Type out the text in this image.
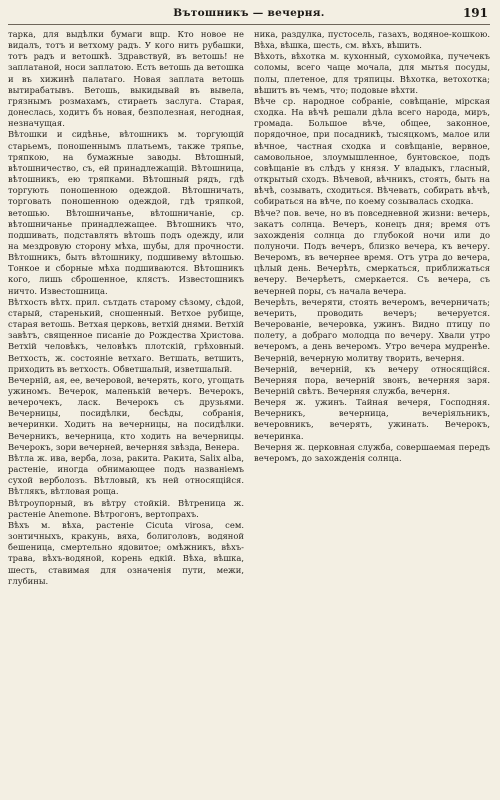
Вътошникъ — вечерня.	191

тарка, для выдѣлки бумаги вщр. Кто новое не видалъ, тотъ и ветхому радъ. У кого нить рубашки, тотъ радъ и ветошкѣ. Здравствуй, въ ветошь! не заплатаной, носи заплатою. Есть ветошь да ветошка и въ хижинѣ палатаго. Новая заплата ветошь вытирабатывъ. Ветошь, выкидывай въ вывела, грязнымъ розмахамъ, стираеть заслуга. Старая, донеслась, ходитъ бъ новая, безполезная, негодная, незначущая.

Вѣтошки и сидѣнье, вѣтошникъ м. торгующій старьемъ, поношеннымъ платьемъ, также тряпье, тряпкою, на бумажные заводы. Вѣтошный, вѣтошничество, съ, ей принадлежащій. Вѣтошница, вѣтошникъ, ею тряпками. Вѣтошный рядъ, гдѣ торгують поношенною одеждой. Вѣтошничать, торговать поношенною одеждой, гдѣ тряпкой, ветошью. Вѣтошничанье, вѣтошничаніе, ср. вѣтошничанье принадлежащее. Вѣтошникъ что, подшивать, подставлять вѣтошь подъ одежду, или на мездровую сторону мѣха, шубы, для прочности. Вѣтошникъ, быть вѣтошнику, подшивему вѣтошью. Тонкое и сборные мѣха подшиваются. Вѣтошникъ кого, лишь сброшенное, клястъ. Известошникъ ничто. Известошница.

Вѣтхость вѣтх. прил. сътдать старому сѣзому, сѣдой, старый, старенький, сношенный. Ветхое рубище, старая ветошь. Ветхая церковь, ветхій днями. Ветхій завѣтъ, священное писаніе до Рождества Христова. Ветхій человѣкъ, человѣкъ плотскій, грѣховный. Ветхость, ж. состояніе ветхаго. Ветшать, ветшить, приходить въ ветхость. Обветшалый, изветшалый.

Вечерній, ая, ее, вечеровой, вечерять, кого, угощать ужиномъ. Вечерок, маленькій вечеръ. Вечерокъ, вечерочекъ, ласк. Вечерокъ съ друзьями. Вечерницы, посидѣлки, бесѣды, собранія, вечеринки. Ходить на вечерницы, на посидѣлки. Вечерникъ, вечерница, кто ходить на вечерницы. Вечерокъ, зори вечерней, вечерняя звѣзда, Венера.

Вѣтла ж. ива, верба, лоза, ракита. Ракита, Salix alba, растеніе, иногда обнимающее подъ названіемъ сухой верболозъ. Вѣтловый, къ ней относящійся. Вѣтлякъ, вѣтловая роща.

Вѣтроупорный, въ вѣтру стойкій. Вѣтреница ж. растеніе Anemone. Вѣтрогонъ, вертопрахъ.

Вѣхъ м. вѣха, растеніе Cicuta virosa, сем. зонтичныхъ, кракунь, вяха, болиголовъ, водяной бешеница, смертельно ядовитое; омѣжникъ, вѣхъ-трава, вѣхъ-водяной, корень едкій. Вѣха, вѣшка, шесть, ставимая для означенія пути, межи, глубины.

ника, раздулка, пустосель, газахъ, водяное-кошкою. Вѣха, вѣшка, шесть, см. вѣхъ, вѣшить.

Вѣхоть, вѣхотка м. кухонный, сухомойка, пучечекъ соломы, всего чаще мочала, для мытья посуды, полы, плетеное, для тряпицы. Вѣхотка, ветохотка; вѣшитъ въ чемъ, что; подовые вѣхти.

Вѣче ср. народное собраніе, совѣщаніе, мірская сходка. На вѣчѣ решали дѣла всего народа, миръ, громада. Большое вѣче, общее, законное, порядочное, при посадникѣ, тысяцкомъ, малое или вѣчное, частная сходка и совѣщаніе, вервное, самовольное, злоумышленное, бунтовское, подъ совѣщаніе въ слѣдъ у князя. У владыкъ, гласный, открытый сходъ. Вѣчевой, вѣчникъ, стоять, быть на вѣчѣ, созывать, сходиться. Вѣчевать, собирать вѣчѣ, собираться на вѣче, по коему созывалась сходка.

Вѣче? пов. вече, но въ повседневной жизни: вечерь, закатъ солнца. Вечеръ, конецъ дня; время отъ захожденія солнца до глубокой ночи или до полуночи. Подъ вечеръ, близко вечера, къ вечеру. Вечеромъ, въ вечернее время. Отъ утра до вечера, цѣлый день. Вечерѣть, смеркаться, приближаться вечеру. Вечерѣетъ, смеркается. Съ вечера, съ вечерней поры, съ начала вечера.

Вечерѣть, вечеряти, стоять вечеромъ, вечерничать; вечерить, проводить вечеръ; вечеруется. Вечерованіе, вечеровка, ужинъ. Видно птицу по полету, а добраго молодца по вечеру. Хвали утро вечеромъ, а день вечеромъ. Утро вечера мудренѣе. Вечерній, вечерную молитву творить, вечерня.

Вечерній, вечерній, къ вечеру относящійся. Вечерняя пора, вечерній звонъ, вечерняя заря. Вечерній свѣтъ. Вечерняя служба, вечерня.

Вечеря ж. ужинъ. Тайная вечеря, Господняя. Вечерникъ, вечерница, вечеріяльникъ, вечеровникъ, вечерять, ужинать. Вечерокъ, вечеринка.

Вечерня ж. церковная служба, совершаемая передъ вечеромъ, до захожденія солнца.
